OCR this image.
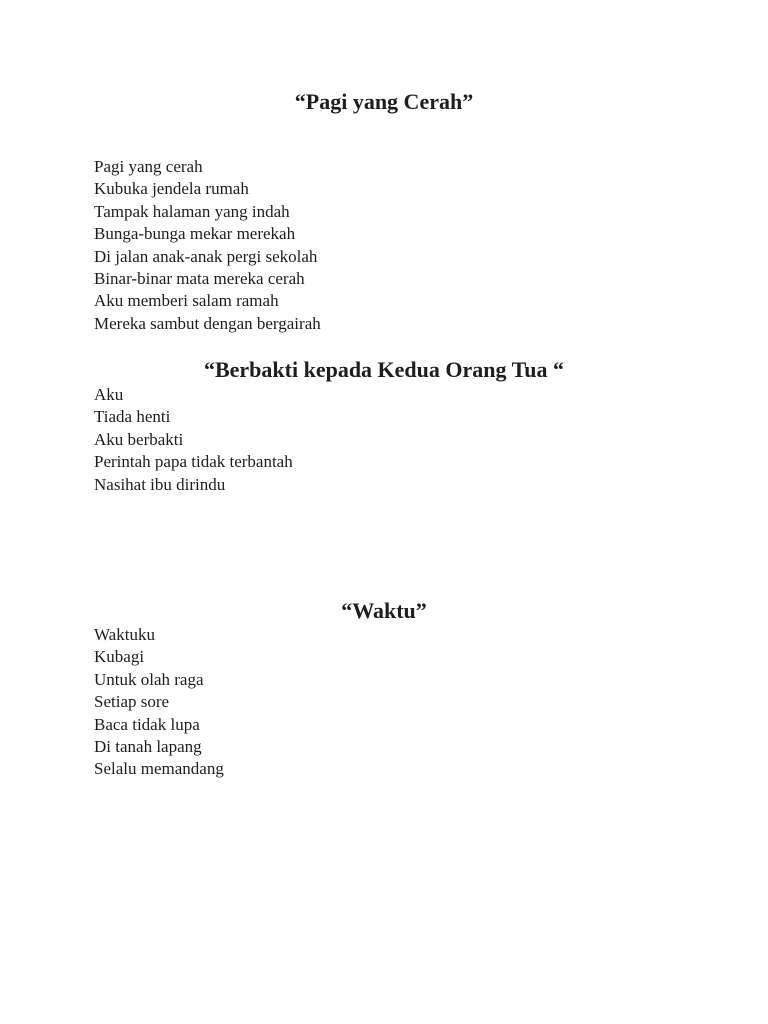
“Pagi yang Cerah”
Pagi yang cerah
Kubuka jendela rumah
Tampak halaman yang indah
Bunga-bunga mekar merekah
Di jalan anak-anak pergi sekolah
Binar-binar mata mereka cerah
Aku memberi salam ramah
Mereka sambut dengan bergairah
“Berbakti kepada Kedua Orang Tua “
Aku
Tiada henti
Aku berbakti
Perintah papa tidak terbantah
Nasihat ibu dirindu
“Waktu”
Waktuku
Kubagi
Untuk olah raga
Setiap sore
Baca tidak lupa
Di tanah lapang
Selalu memandang
